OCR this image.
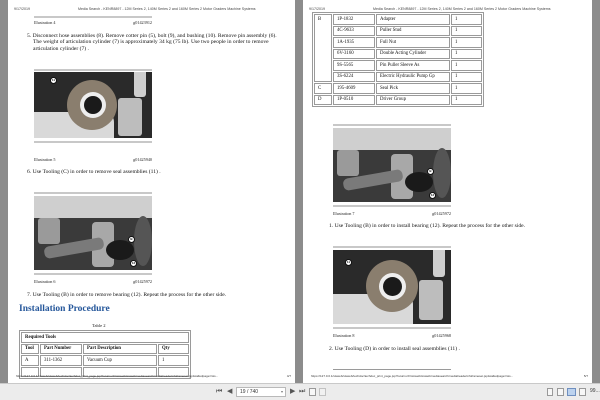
9/17/2019	Media Search - KENR8897 - 12M Series 2, 140M Series 2 and 160M Series 2 Motor Graders Machine Systems
Illustration 4	g01423912
5. Disconnect hose assemblies (8). Remove cotter pin (5), bolt (9), and bushing (10). Remove pin assembly (6). The weight of articulation cylinder (7) is approximately 34 kg (75 lb). Use two people in order to remove articulation cylinder (7) .
11
Illustration 5	g01425940
6. Use Tooling (C) in order to remove seal assemblies (11) .
B
12
Illustration 6	g01425972
7. Use Tooling (B) in order to remove bearing (12). Repeat the process for the other side.
Installation Procedure
Table 2
Required Tools			
Tool	Part Number	Part Description	Qty
A	311-1362	Vacuum Cup	1

https://127.0.0.1/sisweb/sisweb/techdoc/techdoc_print_page.jsp?returnurl=/sisweb/sisweb/mediasearch/mediaheaderinfoframeset.jsp&calledpage=/sis...	4/7
9/17/2019	Media Search - KENR8897 - 12M Series 2, 140M Series 2 and 160M Series 2 Motor Graders Machine Systems
B	1P-1832	Adapter	1
	4C-9633	Puller Stud	1
	1A-1935	Full Nut	1
	6V-3160	Double Acting Cylinder	1
	9S-5565	Pin Puller Sleeve As	1
	3S-6224	Electric Hydraulic Pump Gp	1
C	195-4609	Seal Pick	1
D	1P-0510	Driver Group	1
B
12
Illustration 7	g01425972
1. Use Tooling (B) in order to install bearing (12). Repeat the process for the other side.
11
Illustration 8	g01425968
2. Use Tooling (D) in order to install seal assemblies (11) .
https://127.0.0.1/sisweb/sisweb/techdoc/techdoc_print_page.jsp?returnurl=/sisweb/sisweb/mediasearch/mediaheaderinfoframeset.jsp&calledpage=/sis...	5/7
⏮ ◀	19 / 740	▾ ▶ ⏭	99...
